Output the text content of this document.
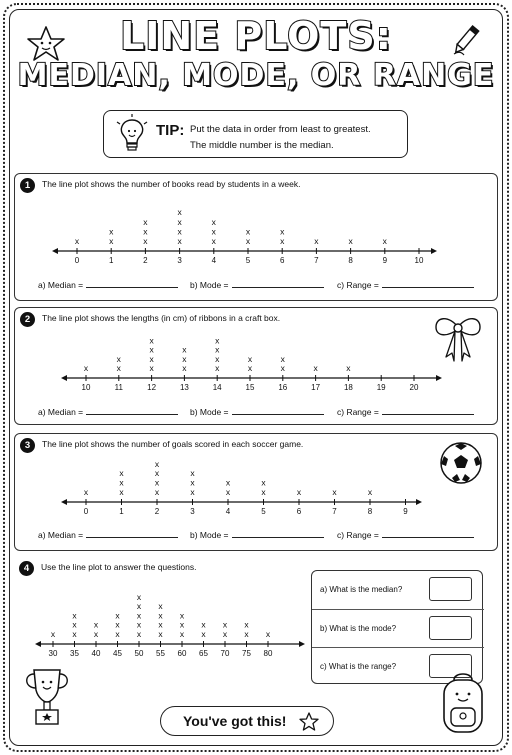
LINE PLOTS:
MEDIAN, MODE, OR RANGE
TIP: Put the data in order from least to greatest.
The middle number is the median.
1	The line plot shows the number of books read by students in a week.
a) Median =	b) Mode =	c) Range =
2	The line plot shows the lengths (in cm) of ribbons in a craft box.
a) Median =	b) Mode =	c) Range =
3	The line plot shows the number of goals scored in each soccer game.
a) Median =	b) Mode =	c) Range =
4	Use the line plot to answer the questions.
a) What is the median?
b) What is the mode?
c) What is the range?
You've got this!
0
x
1
x
x
2
x
x
x
3
x
x
x
x
4
x
x
x
5
x
x
6
x
x
7
x
8
x
9
x
10
10
x
11
x
x
12
x
x
x
x
13
x
x
x
14
x
x
x
x
15
x
x
16
x
x
17
x
18
x
19	20
0
x
1
x
x
x
2
x
x
x
x
3
x
x
x
4
x
x
5
x
x
6
x
7
x
8
x
9
30
x
35
x
x
x
40
x
x
45
x
x
x
50
x
x
x
x
x
55
x
x
x
x
60
x
x
x
65
x
x
70
x
x
75
x
x
80
x
